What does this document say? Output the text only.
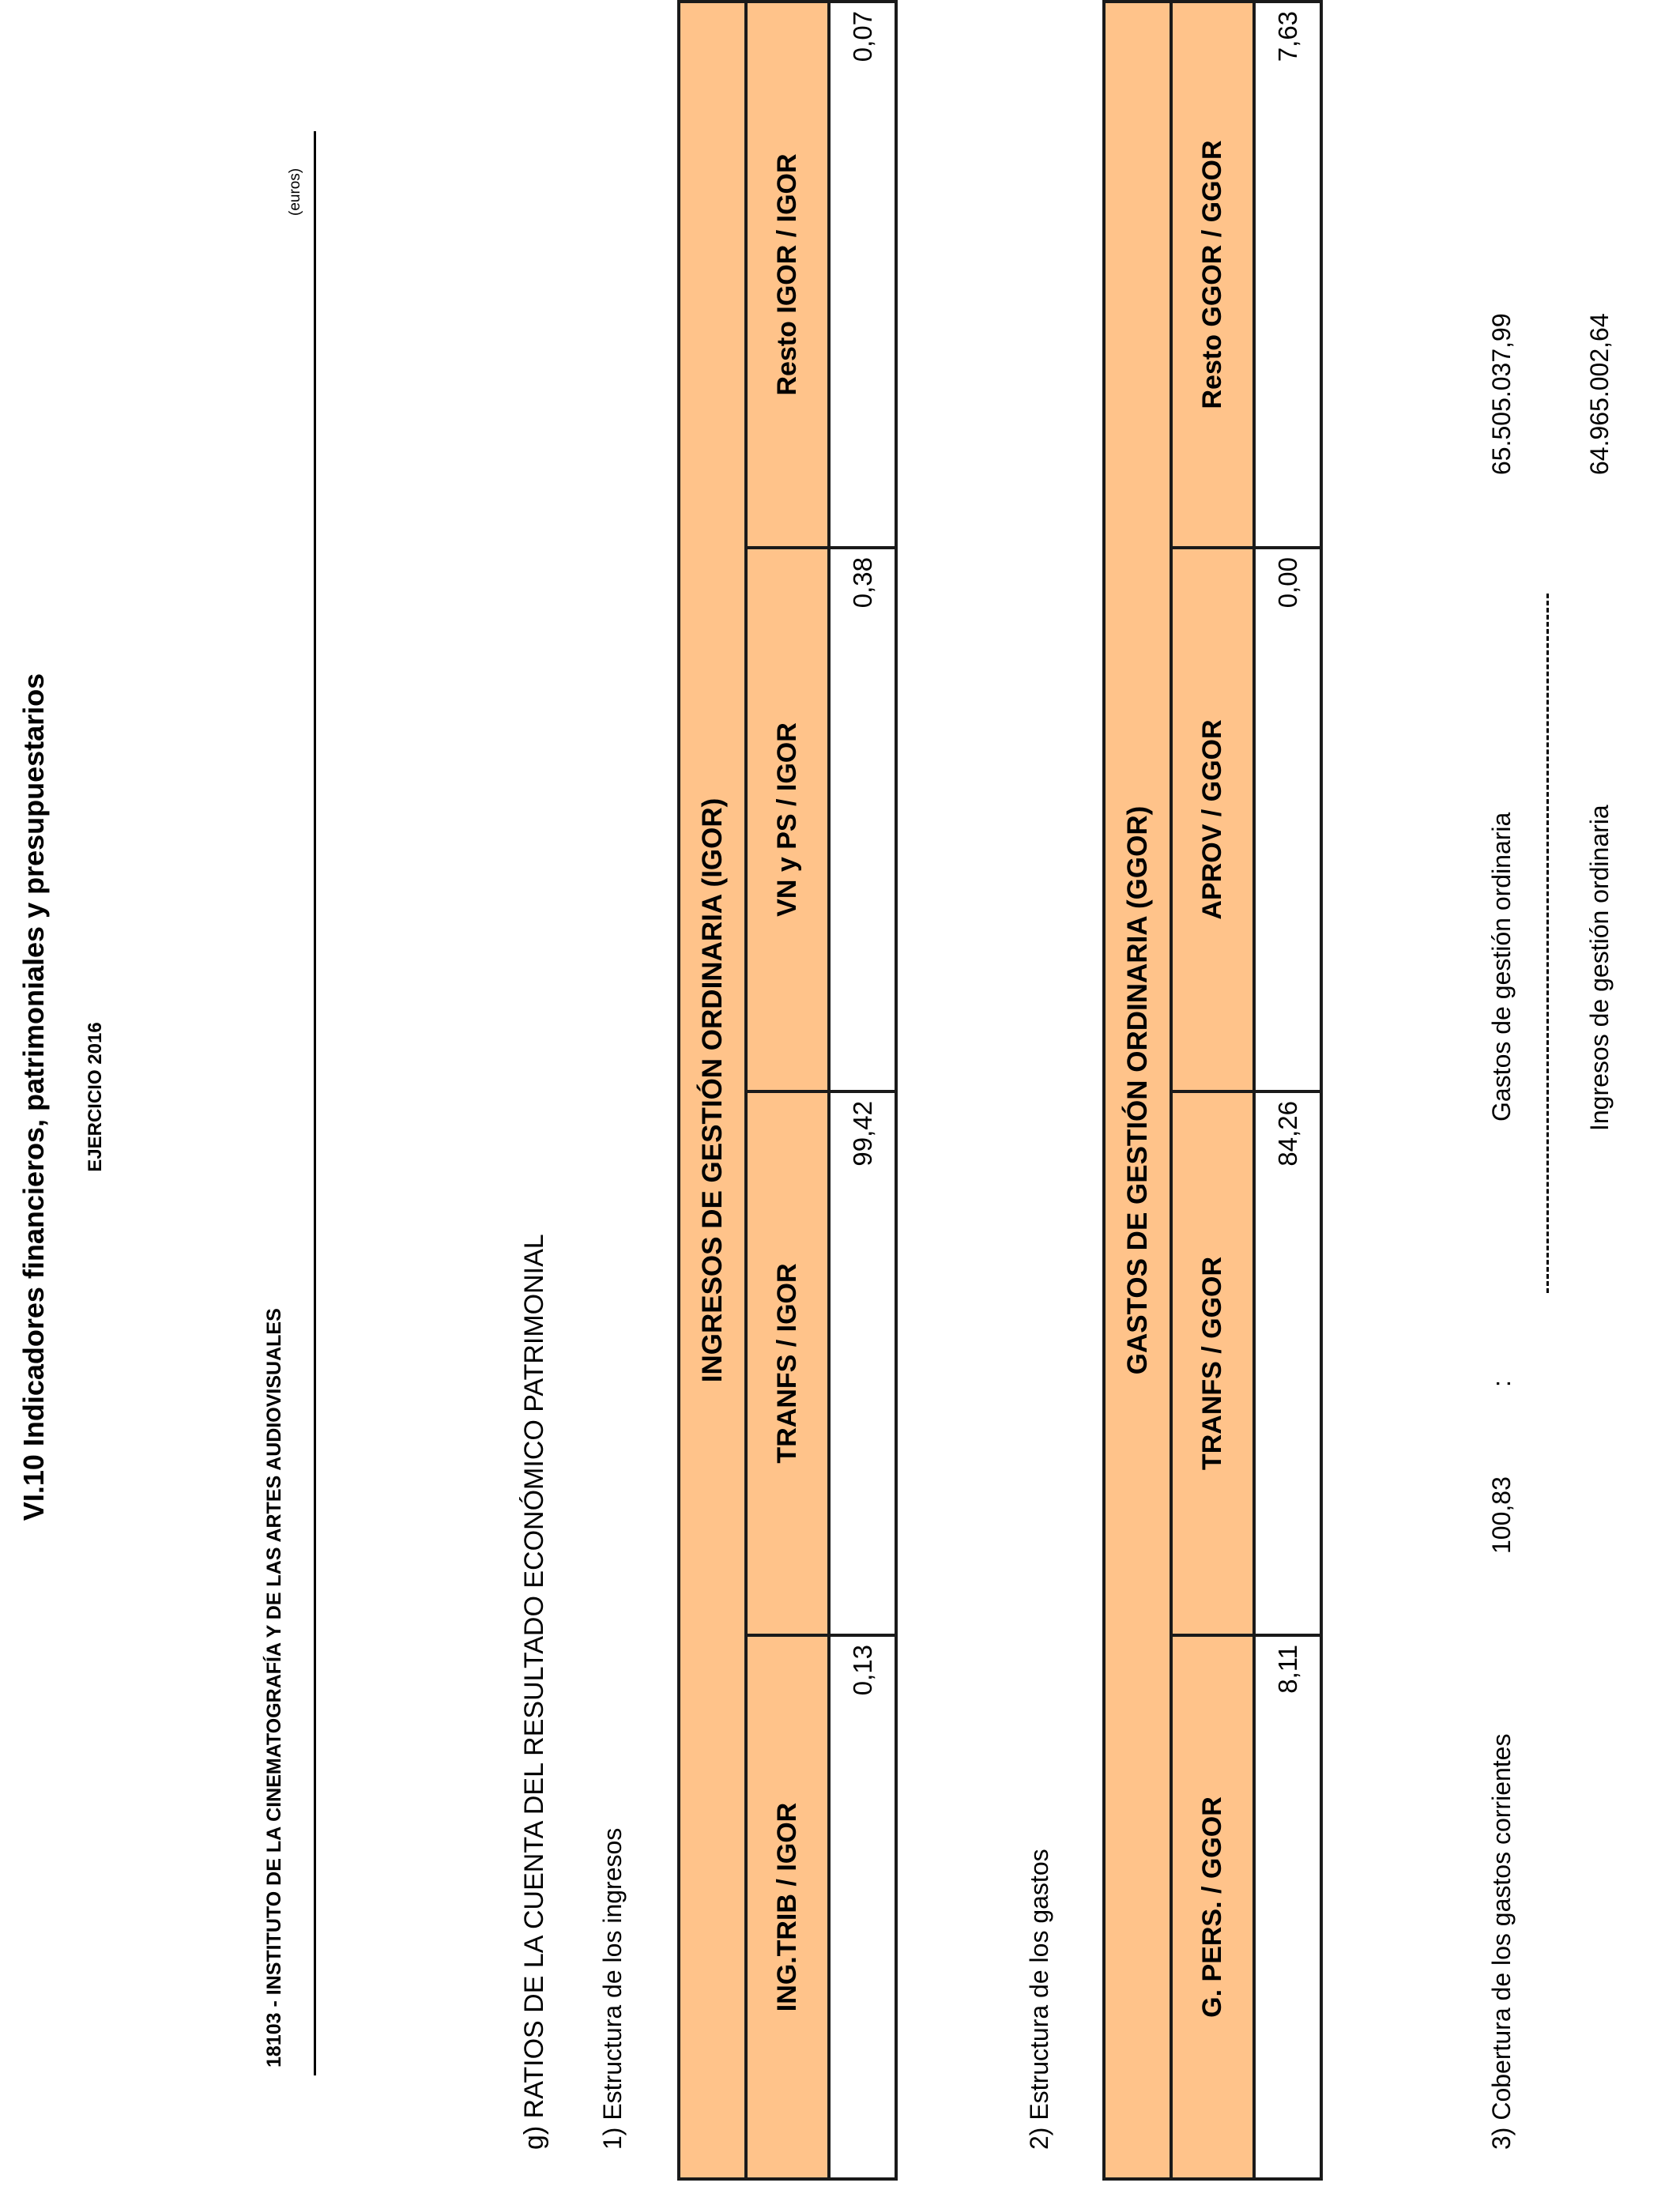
VI.10 Indicadores financieros, patrimoniales y presupuestarios EJERCICIO 2016
18103 - INSTITUTO DE LA CINEMATOGRAFÍA Y DE LAS ARTES AUDIOVISUALES
(euros)
g) RATIOS DE LA CUENTA DEL RESULTADO ECONÓMICO PATRIMONIAL 1) Estructura de los ingresos
INGRESOS DE GESTIÓN ORDINARIA (IGOR)			
ING.TRIB / IGOR	TRANFS / IGOR	VN y PS / IGOR	Resto IGOR / IGOR
0,13	99,42	0,38	0,07
2) Estructura de los gastos
GASTOS DE GESTIÓN ORDINARIA (GGOR)			
G. PERS. / GGOR	TRANFS / GGOR	APROV / GGOR	Resto GGOR / GGOR
8,11	84,26	0,00	7,63
3) Cobertura de los gastos corrientes
100,83
:
Gastos de gestión ordinaria
65.505.037,99
Ingresos de gestión ordinaria
64.965.002,64
